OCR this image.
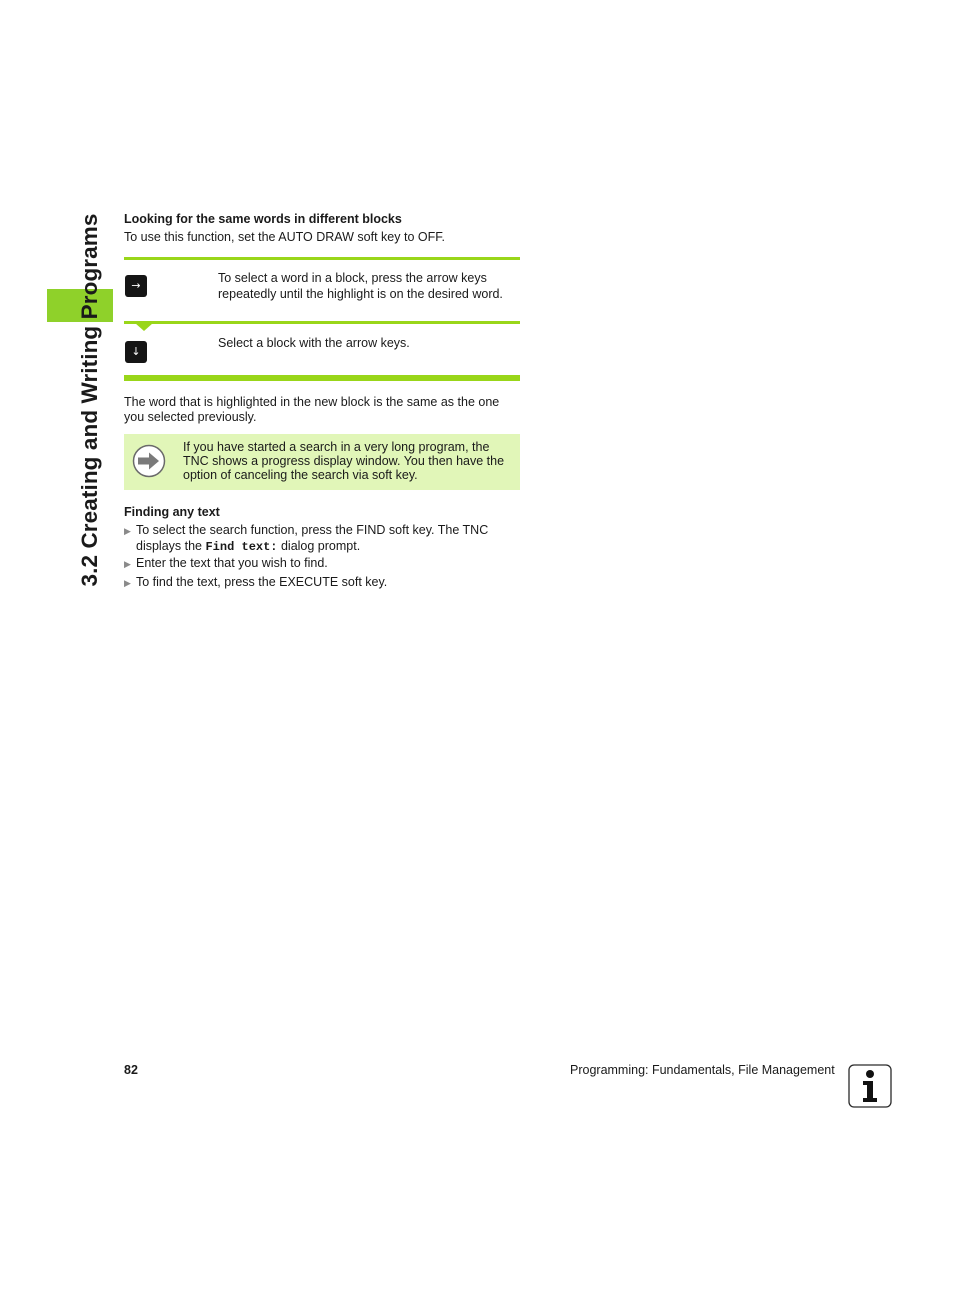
3.2 Creating and Writing Programs Looking for the same words in different blocks
To use this function, set the AUTO DRAW soft key to OFF.
→
To select a word in a block, press the arrow keys
repeatedly until the highlight is on the desired word.
↓
Select a block with the arrow keys.
The word that is highlighted in the new block is the same as the one
you selected previously.
If you have started a search in a very long program, the
TNC shows a progress display window. You then have the
option of canceling the search via soft key.
Finding any text
▶ To select the search function, press the FIND soft key. The TNC
displays the Find text: dialog prompt.
▶ Enter the text that you wish to find.
▶ To find the text, press the EXECUTE soft key.
82	Programming: Fundamentals, File Management
